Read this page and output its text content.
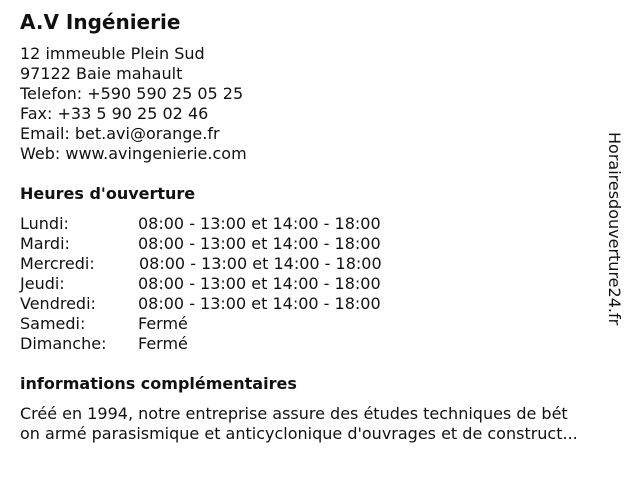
A.V Ingénierie
12 immeuble Plein Sud
97122 Baie mahault
Telefon: +590 590 25 05 25
Fax: +33 5 90 25 02 46
Email: bet.avi@orange.fr
Web: www.avingenierie.com
Heures d'ouverture
Lundi:	08:00 - 13:00 et 14:00 - 18:00
Mardi:	08:00 - 13:00 et 14:00 - 18:00
Mercredi:	08:00 - 13:00 et 14:00 - 18:00
Jeudi:	08:00 - 13:00 et 14:00 - 18:00
Vendredi:	08:00 - 13:00 et 14:00 - 18:00
Samedi:	Fermé
Dimanche: Fermé
informations complémentaires
Créé en 1994, notre entreprise assure des études techniques de bét
on armé parasismique et anticyclonique d'ouvrages et de construct...
Horairesdouverture24.fr
